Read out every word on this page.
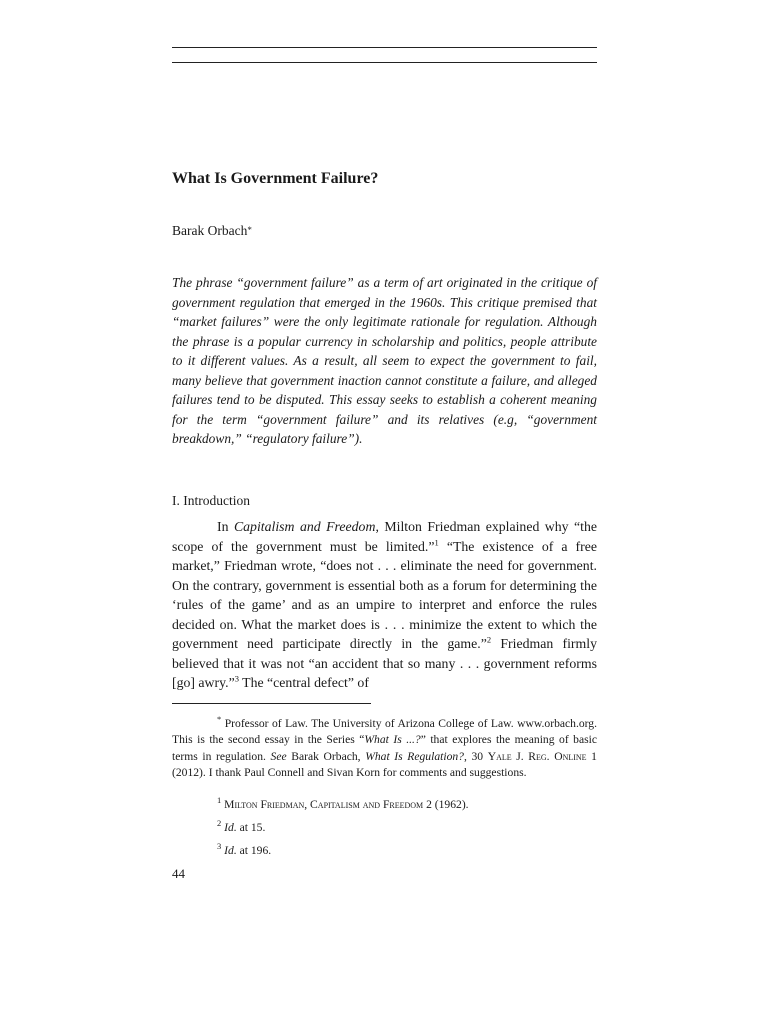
What Is Government Failure?
Barak Orbach*

The phrase “government failure” as a term of art originated in the critique of government regulation that emerged in the 1960s. This critique premised that “market failures” were the only legitimate rationale for regulation. Although the phrase is a popular currency in scholarship and politics, people attribute to it different values. As a result, all seem to expect the government to fail, many believe that government inaction cannot constitute a failure, and alleged failures tend to be disputed. This essay seeks to establish a coherent meaning for the term “government failure” and its relatives (e.g, “government breakdown,” “regulatory failure”).

I. Introduction

In Capitalism and Freedom, Milton Friedman explained why “the scope of the government must be limited.”$^1$ “The existence of a free market,” Friedman wrote, “does not . . . eliminate the need for government. On the contrary, government is essential both as a forum for determining the ‘rules of the game’ and as an umpire to interpret and enforce the rules decided on. What the market does is . . . minimize the extent to which the government need participate directly in the game.”$^2$ Friedman firmly believed that it was not “an accident that so many . . . government reforms [go] awry.”$^3$ The “central defect” of

* Professor of Law. The University of Arizona College of Law. www.orbach.org. This is the second essay in the Series “What Is ...?” that explores the meaning of basic terms in regulation. See Barak Orbach, What Is Regulation?, 30 Yale J. Reg. Online 1 (2012). I thank Paul Connell and Sivan Korn for comments and suggestions.

$^1$ Milton Friedman, Capitalism and Freedom 2 (1962).

$^2$ Id. at 15.

$^3$ Id. at 196.

44
